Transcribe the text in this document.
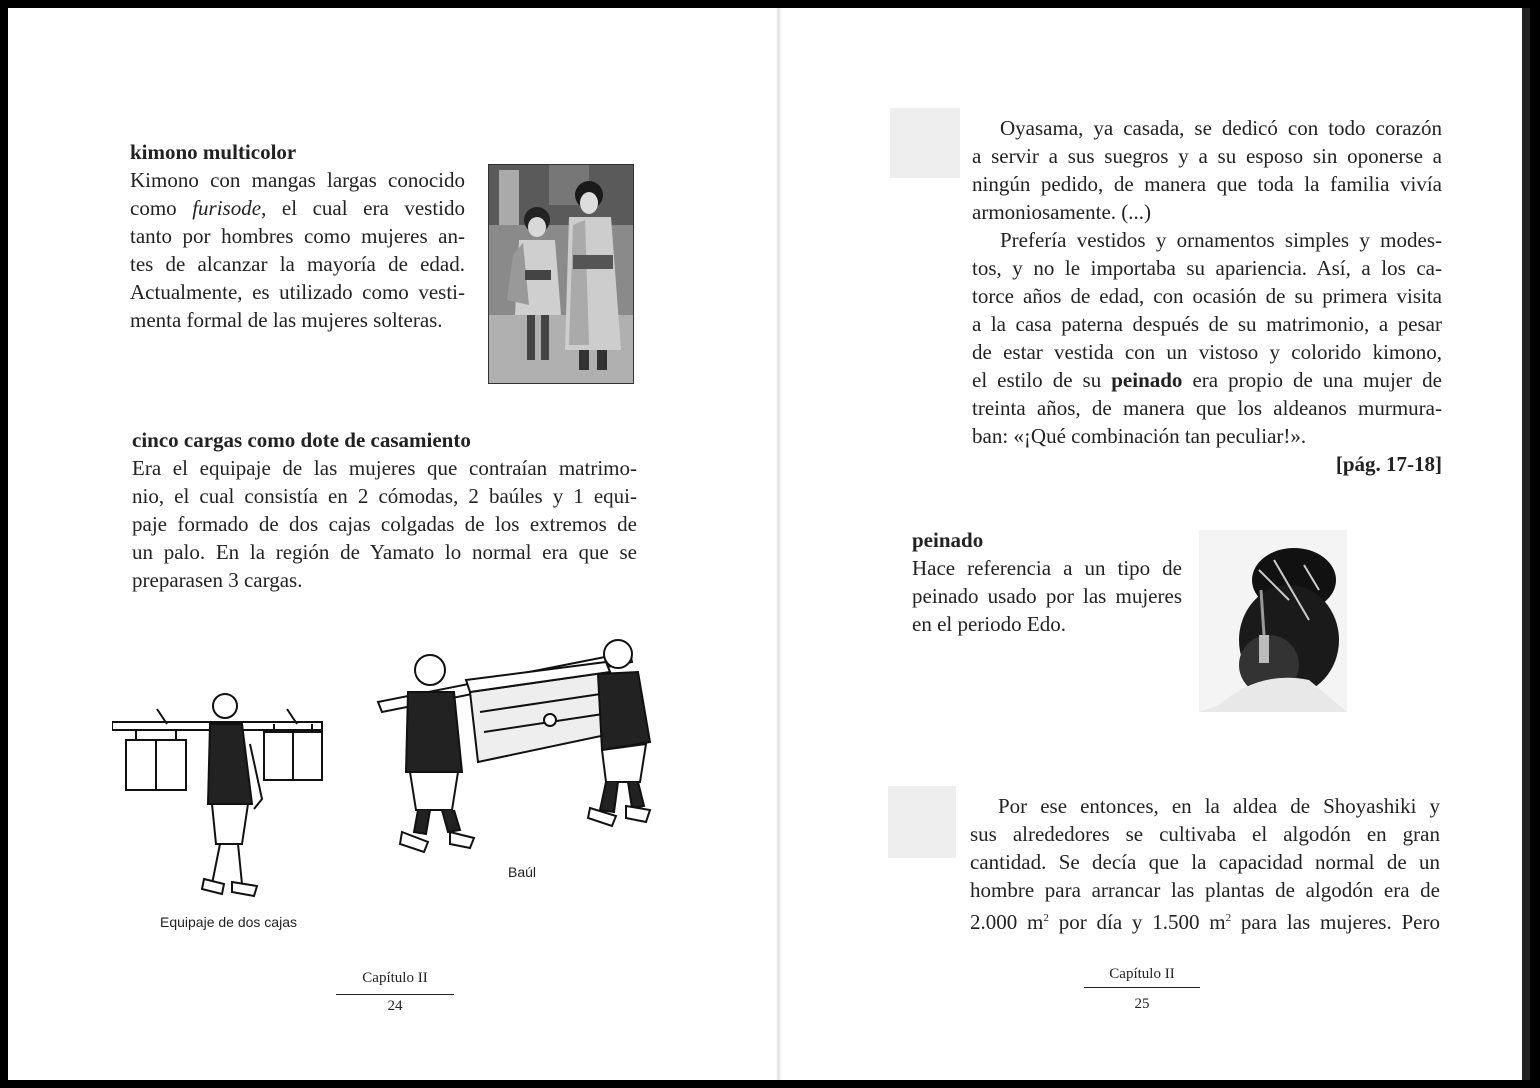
kimono multicolor
Kimono con mangas largas conocido
como furisode, el cual era vestido
tanto por hombres como mujeres an-
tes de alcanzar la mayoría de edad.
Actualmente, es utilizado como vesti-
menta formal de las mujeres solteras.
cinco cargas como dote de casamiento
Era el equipaje de las mujeres que contraían matrimo-
nio, el cual consistía en 2 cómodas, 2 baúles y 1 equi-
paje formado de dos cajas colgadas de los extremos de
un palo. En la región de Yamato lo normal era que se
preparasen 3 cargas.
Equipaje de dos cajas
Baúl
Capítulo II
24
Oyasama, ya casada, se dedicó con todo corazón
a servir a sus suegros y a su esposo sin oponerse a
ningún pedido, de manera que toda la familia vivía
armoniosamente. (...)
Prefería vestidos y ornamentos simples y modes-
tos, y no le importaba su apariencia. Así, a los ca-
torce años de edad, con ocasión de su primera visita
a la casa paterna después de su matrimonio, a pesar
de estar vestida con un vistoso y colorido kimono,
el estilo de su peinado era propio de una mujer de
treinta años, de manera que los aldeanos murmura-
ban: «¡Qué combinación tan peculiar!».
[pág. 17-18]
peinado
Hace referencia a un tipo de
peinado usado por las mujeres
en el periodo Edo.
Por ese entonces, en la aldea de Shoyashiki y
sus alrededores se cultivaba el algodón en gran
cantidad. Se decía que la capacidad normal de un
hombre para arrancar las plantas de algodón era de
2.000 $m^2$ por día y 1.500 $m^2$ para las mujeres. Pero
Capítulo II
25
